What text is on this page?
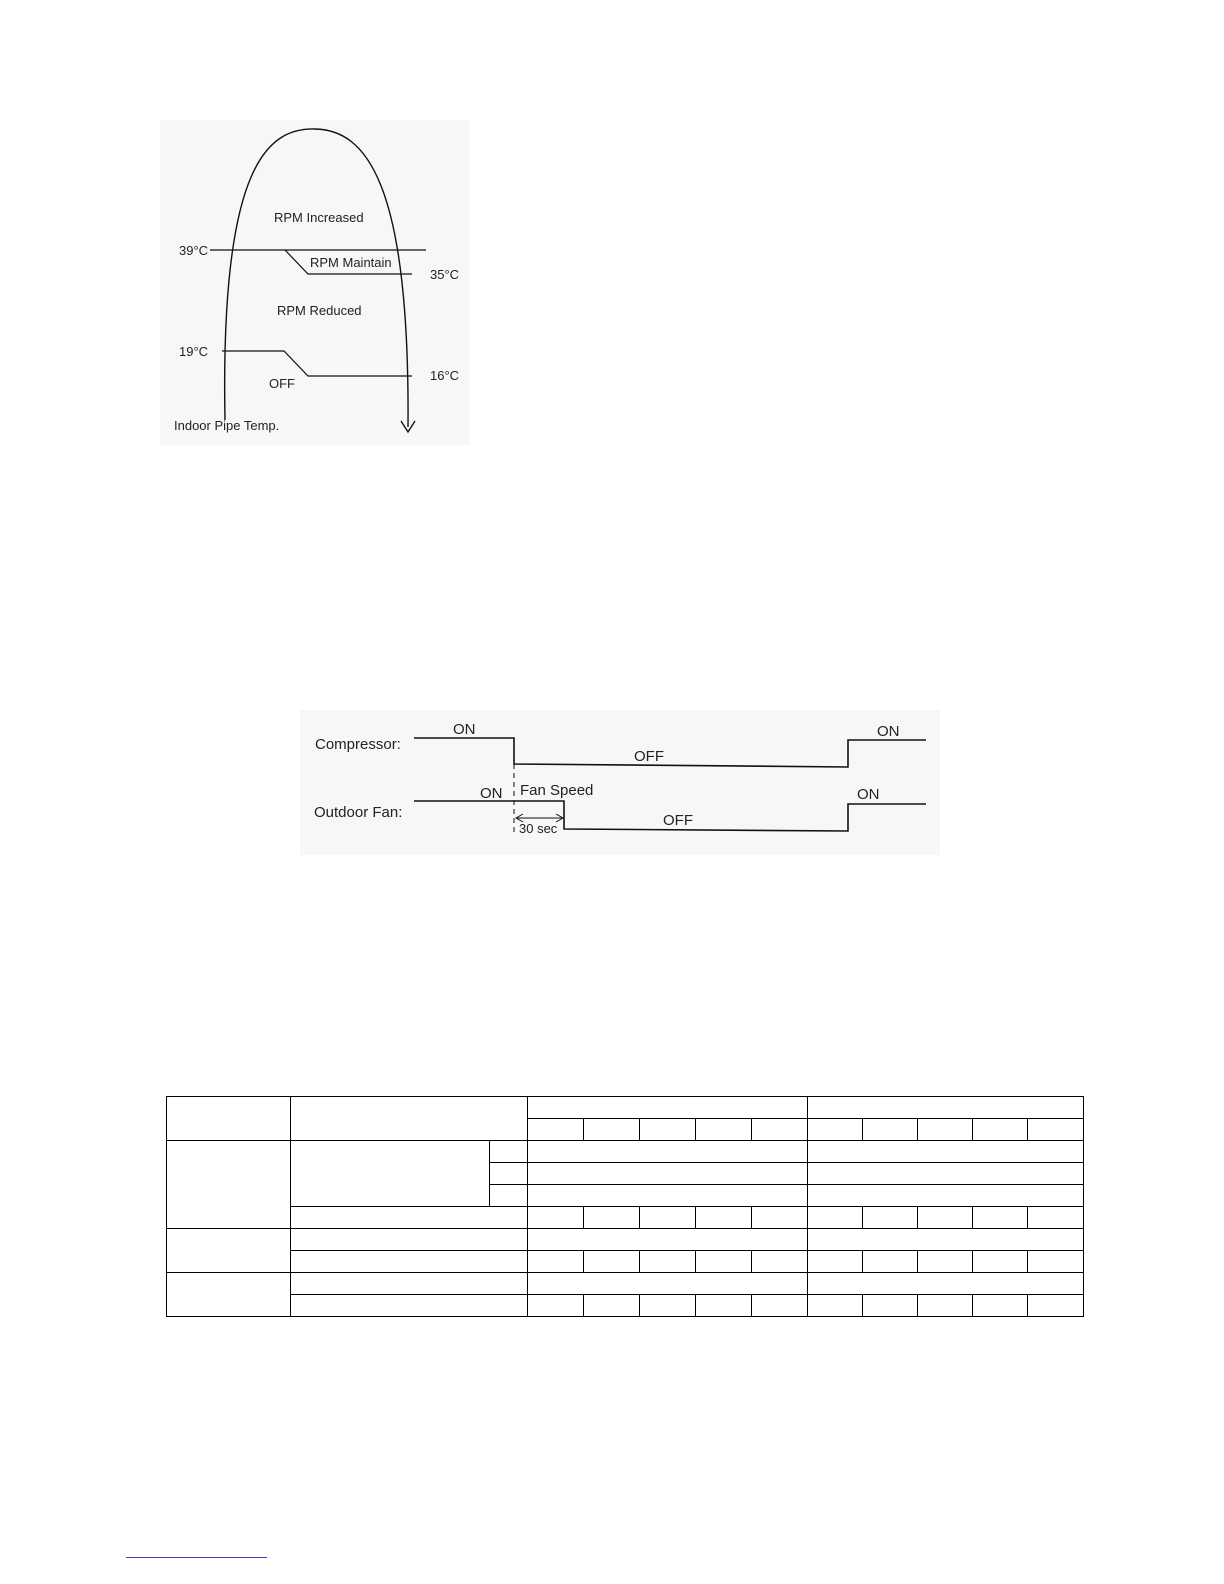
RPM Increased
39°C
RPM Maintain
35°C
RPM Reduced
19°C
16°C
OFF
Indoor Pipe Temp.
Compressor:
ON
OFF
ON
Outdoor Fan:
ON Fan Speed
30 sec	OFF
ON
